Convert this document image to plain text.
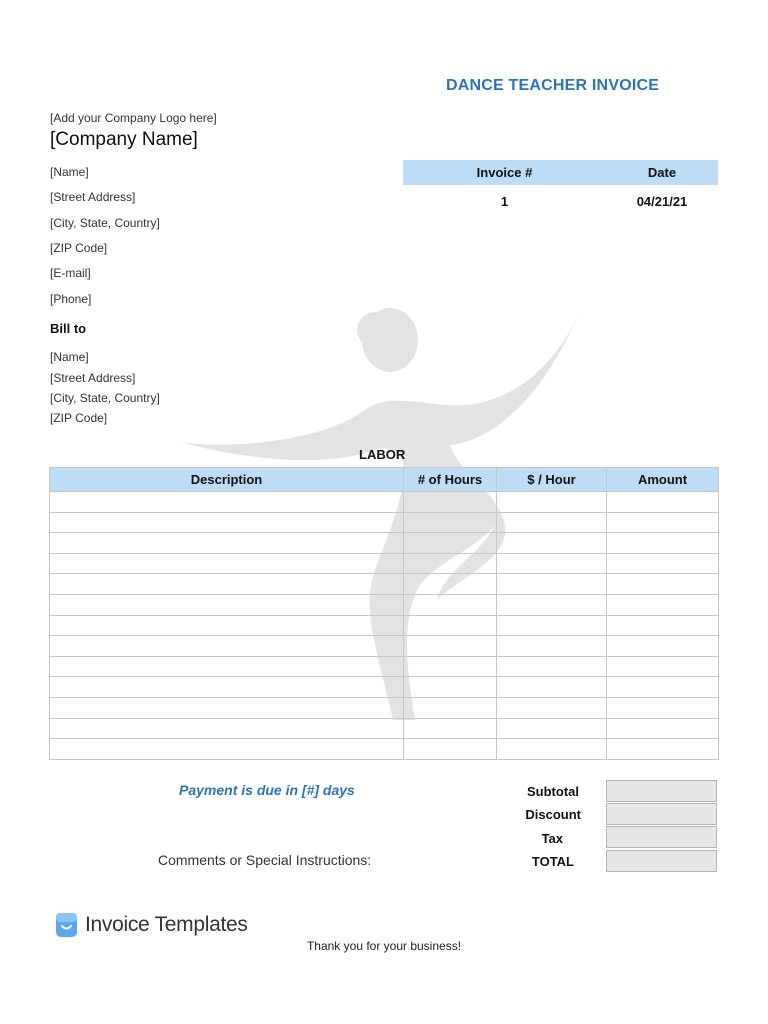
DANCE TEACHER INVOICE
[Add your Company Logo here]
[Company Name]
[Name]
[Street Address]
[City, State, Country]
[ZIP Code]
[E-mail]
[Phone]
Invoice #	Date
1	04/21/21
Bill to
[Name]
[Street Address]
[City, State, Country]
[ZIP Code]
LABOR
Description	# of Hours	$ / Hour	Amount

Payment is due in [#] days
Comments or Special Instructions:
Subtotal
Discount
Tax
TOTAL
Invoice Templates
Thank you for your business!
